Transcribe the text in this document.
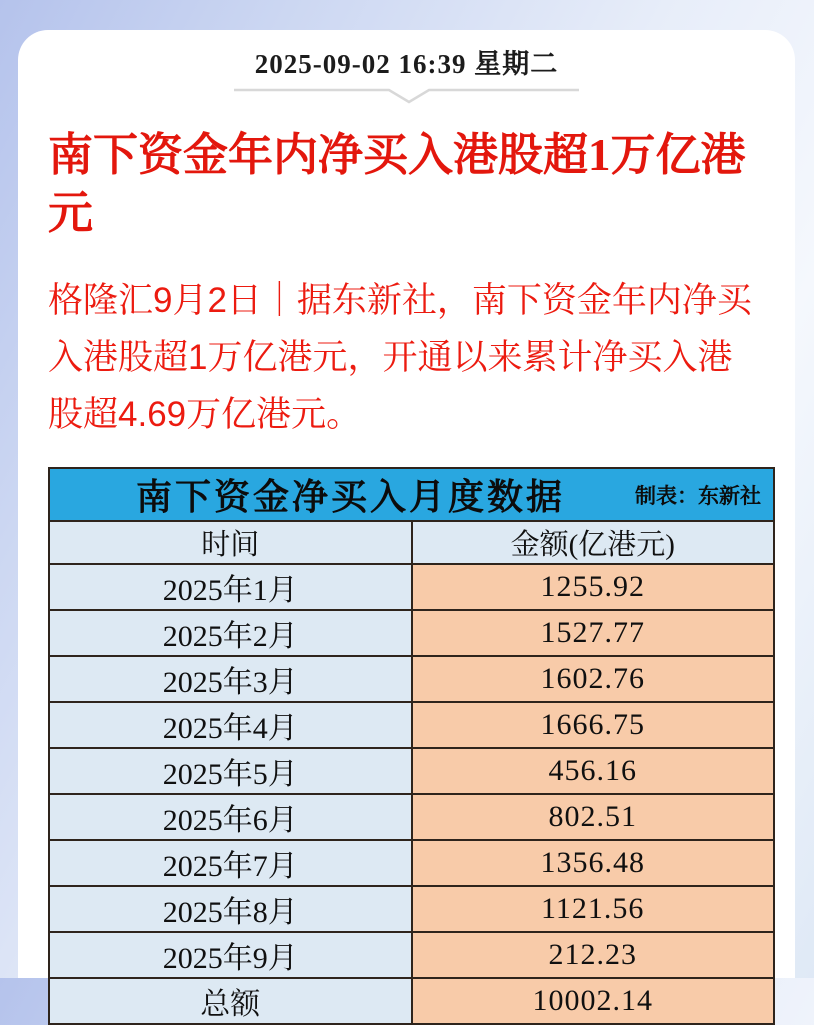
2025-09-02 16:39 星期二
南下资金年内净买入港股超1万亿港元
格隆汇9月2日｜据东新社，南下资金年内净买入港股超1万亿港元，开通以来累计净买入港股超4.69万亿港元。
南下资金净买入月度数据 制表：东新社	

时间	金额(亿港元)
2025年1月	1255.92
2025年2月	1527.77
2025年3月	1602.76
2025年4月	1666.75
2025年5月	456.16
2025年6月	802.51
2025年7月	1356.48
2025年8月	1121.56
2025年9月	212.23
总额	10002.14
